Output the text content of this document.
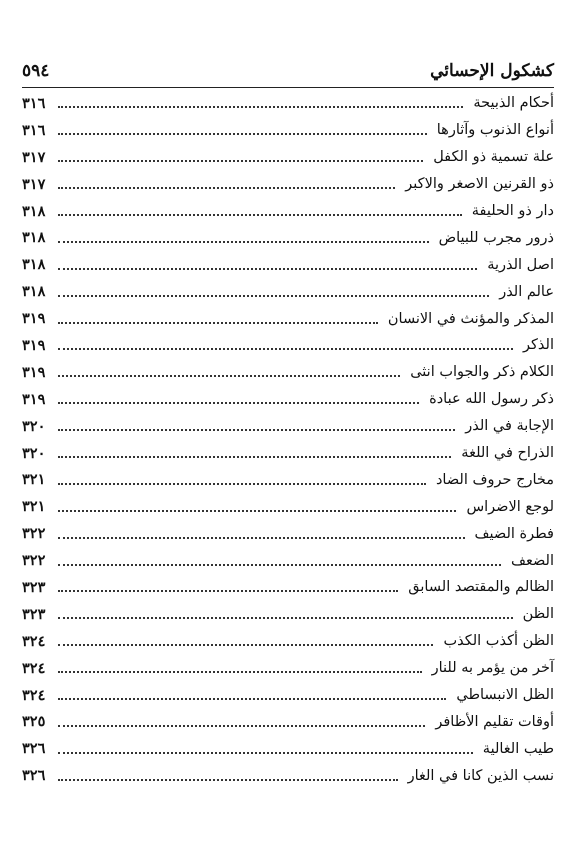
كشكول الإحسائي
٥٩٤
أحكام الذبيحة
٣١٦
أنواع الذنوب وآثارها
٣١٦
علة تسمية ذو الكفل
٣١٧
ذو القرنين الاصغر والاكبر
٣١٧
دار ذو الحليفة
٣١٨
ذرور مجرب للبياض
٣١٨
اصل الذرية
٣١٨
عالم الذر
٣١٨
المذكر والمؤنث في الانسان
٣١٩
الذكر
٣١٩
الكلام ذكر والجواب انثى
٣١٩
ذكر رسول الله عبادة
٣١٩
الإجابة في الذر
٣٢٠
الذراح في اللغة
٣٢٠
مخارج حروف الضاد
٣٢١
لوجع الاضراس
٣٢١
فطرة الضيف
٣٢٢
الضعف
٣٢٢
الظالم والمقتصد السابق
٣٢٣
الظن
٣٢٣
الظن أكذب الكذب
٣٢٤
آخر من يؤمر به للنار
٣٢٤
الظل الانبساطي
٣٢٤
أوقات تقليم الأظافر
٣٢٥
طيب الغالية
٣٢٦
نسب الذين كانا في الغار
٣٢٦
